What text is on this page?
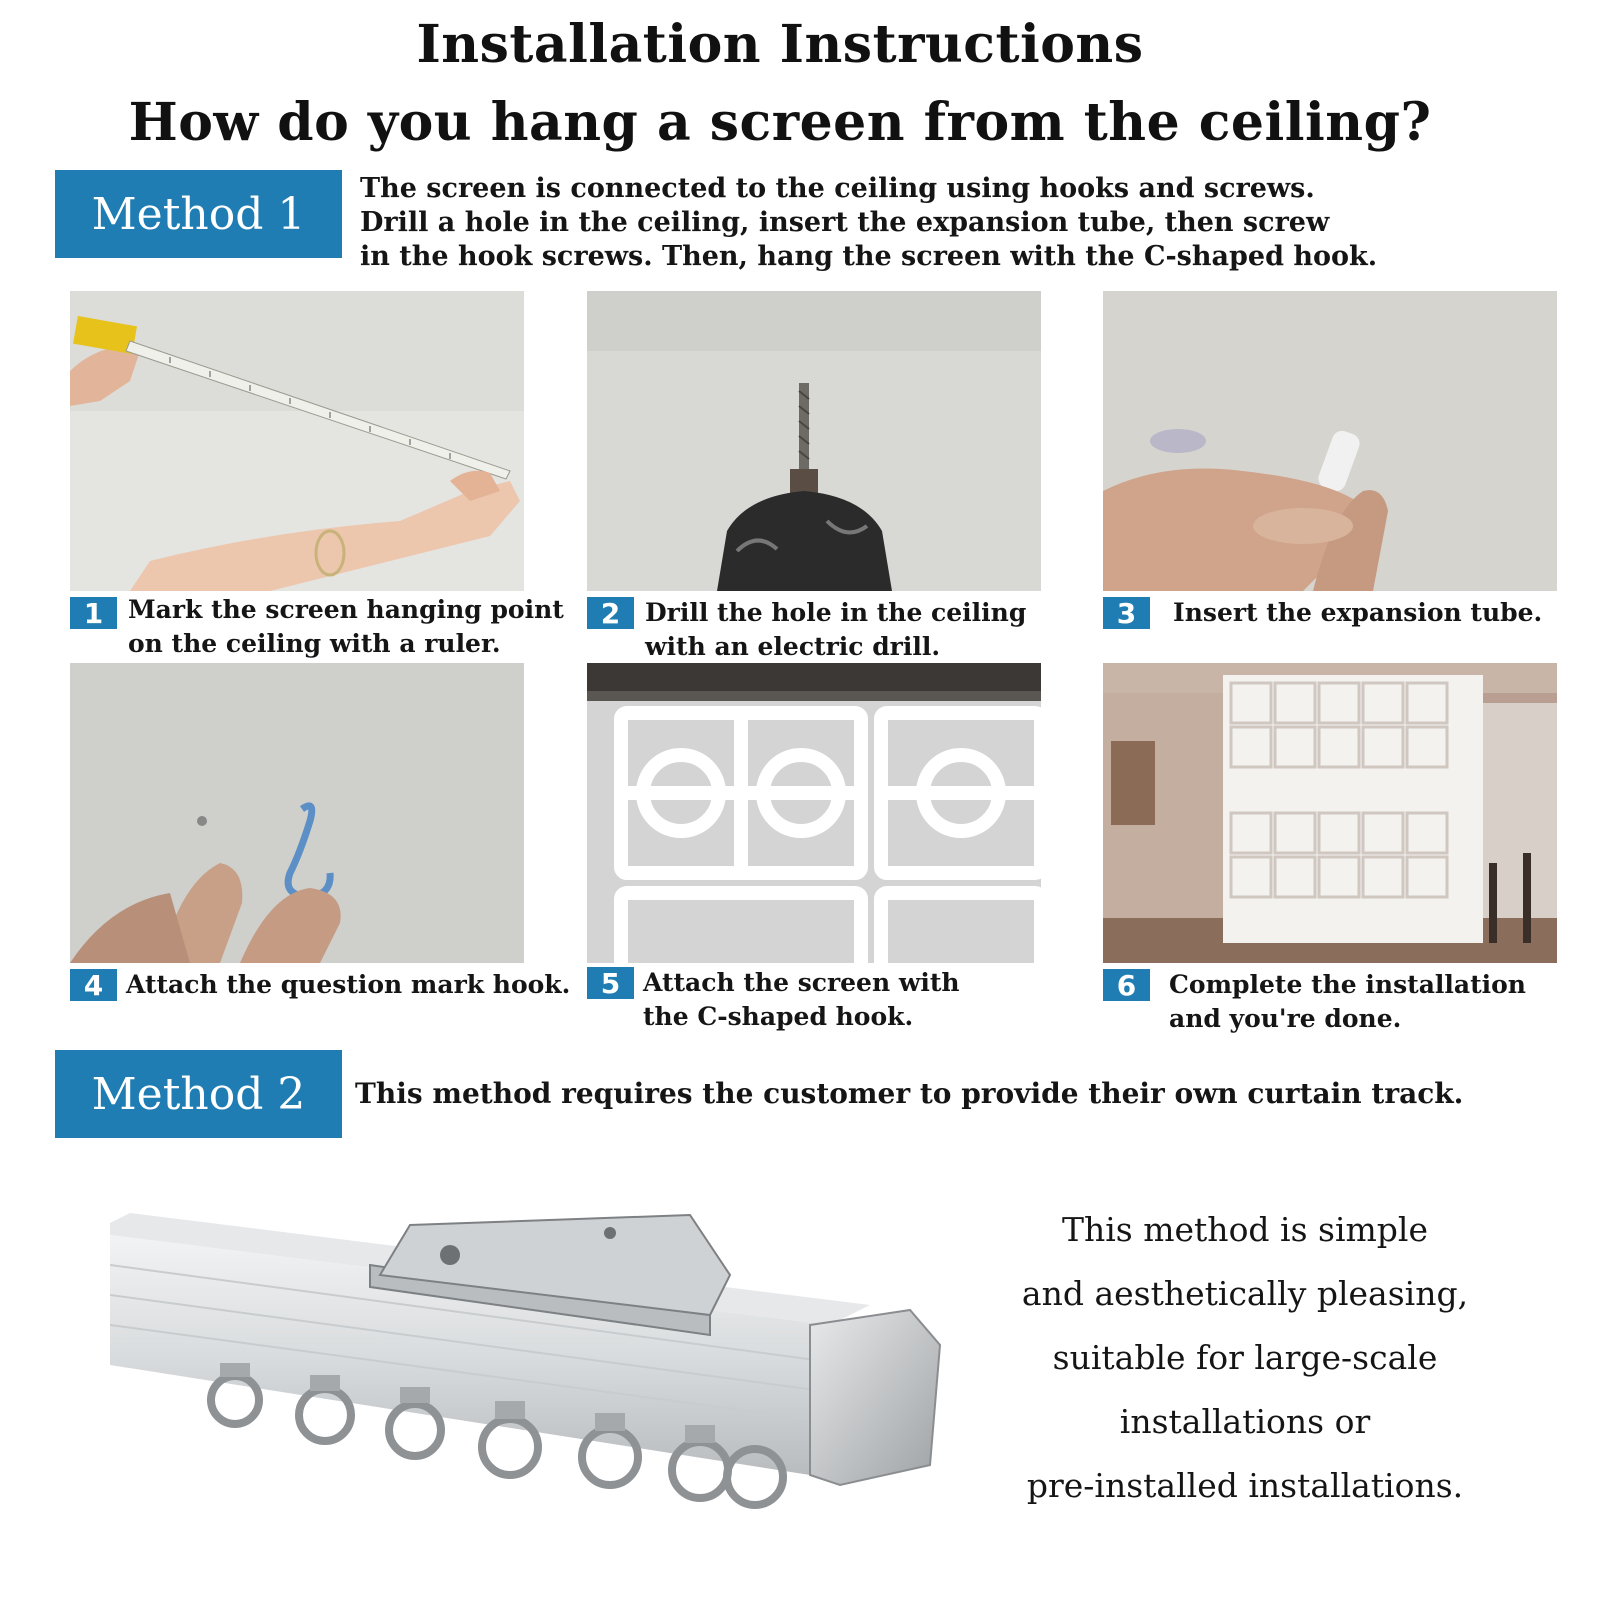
Installation Instructions
How do you hang a screen from the ceiling?
Method 1	The screen is connected to the ceiling using hooks and screws.
Drill a hole in the ceiling, insert the expansion tube, then screw
in the hook screws. Then, hang the screen with the C-shaped hook.
1 Mark the screen hanging point
on the ceiling with a ruler.
2 Drill the hole in the ceiling
with an electric drill.
3	Insert the expansion tube.
4 Attach the question mark hook.	5 Attach the screen with
the C-shaped hook.
6	Complete the installation
and you're done.
Method 2	This method requires the customer to provide their own curtain track.
This method is simple
and aesthetically pleasing,
suitable for large-scale
installations or
pre-installed installations.
